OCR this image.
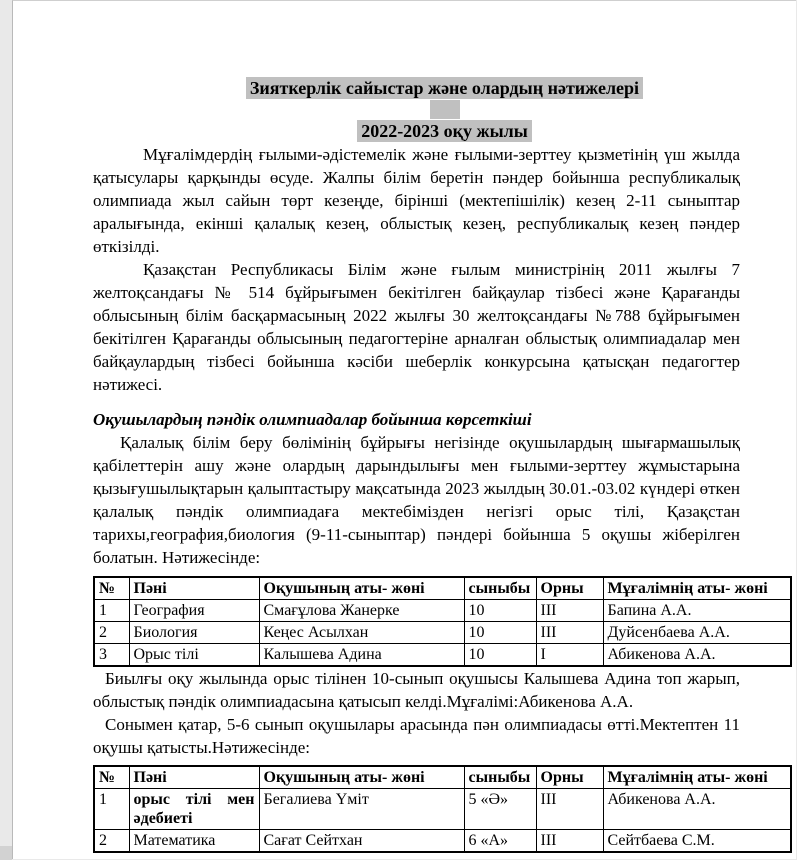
Зияткерлік сайыстар және олардың нәтижелері
2022-2023 оқу жылы

Мұғалімдердің ғылыми-әдістемелік және ғылыми-зерттеу қызметінің үш жылда қатысулары қарқынды өсуде. Жалпы білім беретін пәндер бойынша республикалық олимпиада жыл сайын төрт кезеңде, бірінші (мектепішілік) кезең 2-11 сыныптар аралығында, екінші қалалық кезең, облыстық кезең, республикалық кезең пәндер өткізілді.

Қазақстан Республикасы Білім және ғылым министрінің 2011 жылғы 7 желтоқсандағы № 514 бұйрығымен бекітілген байқаулар тізбесі және Қарағанды облысының білім басқармасының 2022 жылғы 30 желтоқсандағы №788 бұйрығымен бекітілген Қарағанды облысының педагогтеріне арналған облыстық олимпиадалар мен байқаулардың тізбесі бойынша кәсіби шеберлік конкурсына қатысқан педагогтер нәтижесі.

Оқушылардың пәндік олимпиадалар бойынша көрсеткіші

Қалалық білім беру бөлімінің бұйрығы негізінде оқушылардың шығармашылық қабілеттерін ашу және олардың дарындылығы мен ғылыми-зерттеу жұмыстарына қызығушылықтарын қалыптастыру мақсатында 2023 жылдың 30.01.-03.02 күндері өткен қалалық пәндік олимпиадаға мектебімізден негізгі орыс тілі, Қазақстан тарихы,география,биология (9-11-сыныптар) пәндері бойынша 5 оқушы жіберілген болатын. Нәтижесінде:

№	Пәні	Оқушының аты- жөні	сыныбы	Орны	Мұғалімнің аты- жөні
1	География	Смағұлова Жанерке	10	III	Бапина А.А.
2	Биология	Кеңес Асылхан	10	III	Дуйсенбаева А.А.
3	Орыс тілі	Калышева Адина	10	I	Абикенова А.А.

Биылғы оқу жылында орыс тілінен 10-сынып оқушысы Калышева Адина топ жарып, облыстық пәндік олимпиадасына қатысып келді.Мұғалімі:Абикенова А.А.

Сонымен қатар, 5-6 сынып оқушылары арасында пән олимпиадасы өтті.Мектептен 11 оқушы қатысты.Нәтижесінде:

№	Пәні	Оқушының аты- жөні	сыныбы	Орны	Мұғалімнің аты- жөні
1	орыс тілі мен әдебиеті	Бегалиева Үміт	5 «Ә»	III	Абикенова А.А.
2	Математика	Сағат Сейтхан	6 «А»	III	Сейтбаева С.М.
